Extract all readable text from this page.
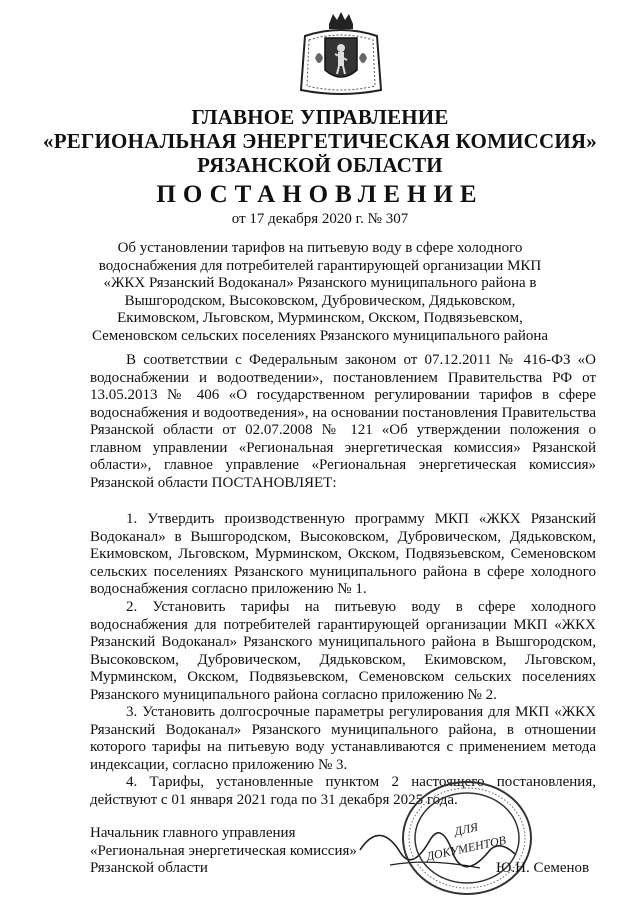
ГЛАВНОЕ УПРАВЛЕНИЕ
«РЕГИОНАЛЬНАЯ ЭНЕРГЕТИЧЕСКАЯ КОМИССИЯ»
РЯЗАНСКОЙ ОБЛАСТИ
ПОСТАНОВЛЕНИЕ
от 17 декабря 2020 г. № 307
Об установлении тарифов на питьевую воду в сфере холодного водоснабжения для потребителей гарантирующей организации МКП «ЖКХ Рязанский Водоканал» Рязанского муниципального района в Вышгородском, Высоковском, Дубровическом, Дядьковском, Екимовском, Льговском, Мурминском, Окском, Подвязьевском, Семеновском сельских поселениях Рязанского муниципального района
В соответствии с Федеральным законом от 07.12.2011 № 416-ФЗ «О водоснабжении и водоотведении», постановлением Правительства РФ от 13.05.2013 № 406 «О государственном регулировании тарифов в сфере водоснабжения и водоотведения», на основании постановления Правительства Рязанской области от 02.07.2008 № 121 «Об утверждении положения о главном управлении «Региональная энергетическая комиссия» Рязанской области», главное управление «Региональная энергетическая комиссия» Рязанской области ПОСТАНОВЛЯЕТ:
1. Утвердить производственную программу МКП «ЖКХ Рязанский Водоканал» в Вышгородском, Высоковском, Дубровическом, Дядьковском, Екимовском, Льговском, Мурминском, Окском, Подвязьевском, Семеновском сельских поселениях Рязанского муниципального района в сфере холодного водоснабжения согласно приложению № 1.
2. Установить тарифы на питьевую воду в сфере холодного водоснабжения для потребителей гарантирующей организации МКП «ЖКХ Рязанский Водоканал» Рязанского муниципального района в Вышгородском, Высоковском, Дубровическом, Дядьковском, Екимовском, Льговском, Мурминском, Окском, Подвязьевском, Семеновском сельских поселениях Рязанского муниципального района согласно приложению № 2.
3. Установить долгосрочные параметры регулирования для МКП «ЖКХ Рязанский Водоканал» Рязанского муниципального района, в отношении которого тарифы на питьевую воду устанавливаются с применением метода индексации, согласно приложению № 3.
4. Тарифы, установленные пунктом 2 настоящего постановления, действуют с 01 января 2021 года по 31 декабря 2025 года.
Начальник главного управления
«Региональная энергетическая комиссия»
Рязанской области
ДЛЯ
ДОКУМЕНТОВ
Ю.Н. Семенов
